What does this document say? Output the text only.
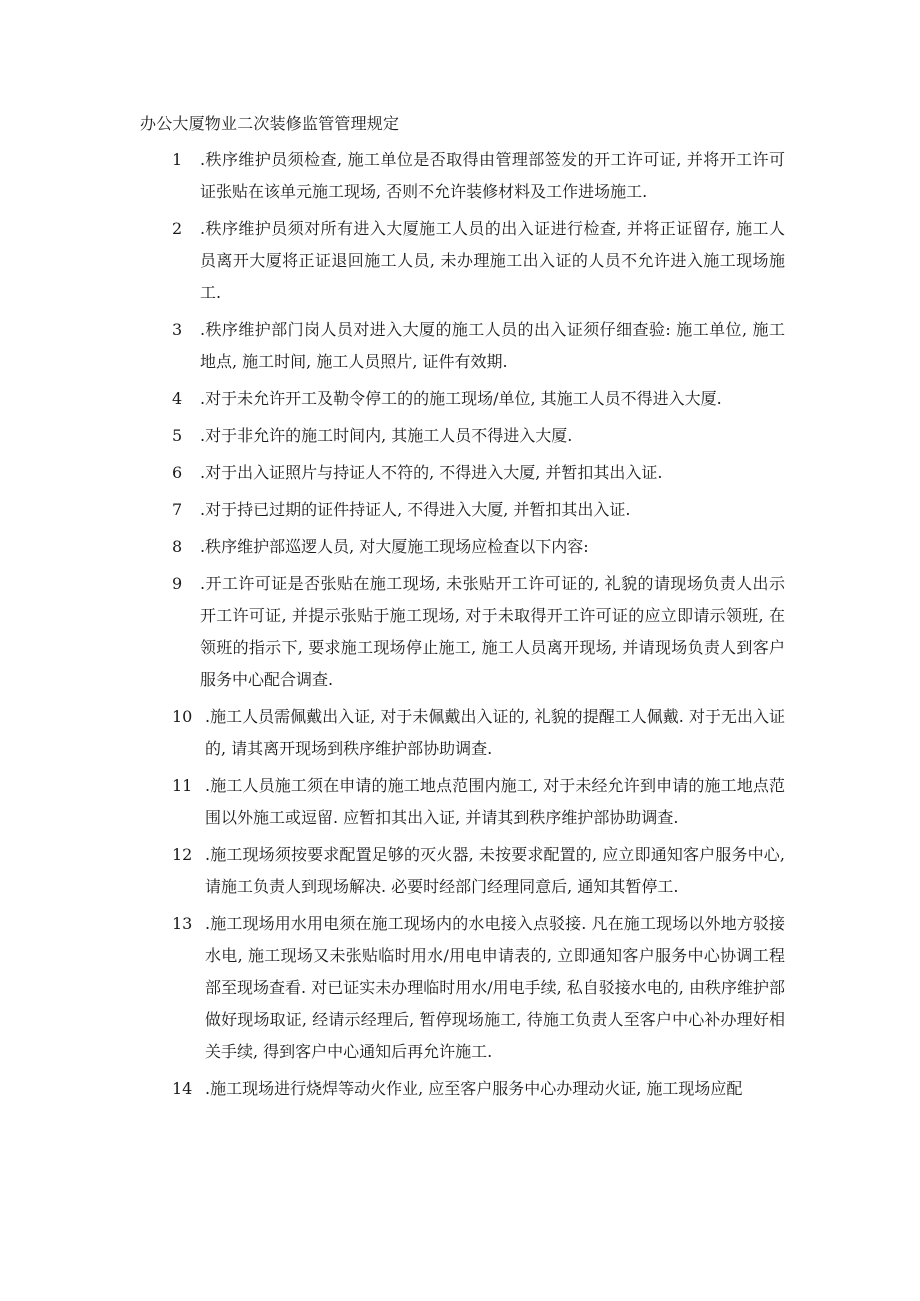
办公大厦物业二次装修监管管理规定
1 .秩序维护员须检查, 施工单位是否取得由管理部签发的开工许可证, 并将开工许可证张贴在该单元施工现场, 否则不允许装修材料及工作进场施工.
2 .秩序维护员须对所有进入大厦施工人员的出入证进行检查, 并将正证留存, 施工人员离开大厦将正证退回施工人员, 未办理施工出入证的人员不允许进入施工现场施工.
3 .秩序维护部门岗人员对进入大厦的施工人员的出入证须仔细查验: 施工单位, 施工地点, 施工时间, 施工人员照片, 证件有效期.
4 .对于未允许开工及勒令停工的的施工现场/单位, 其施工人员不得进入大厦.
5 .对于非允许的施工时间内, 其施工人员不得进入大厦.
6 .对于出入证照片与持证人不符的, 不得进入大厦, 并暂扣其出入证.
7 .对于持已过期的证件持证人, 不得进入大厦, 并暂扣其出入证.
8 .秩序维护部巡逻人员, 对大厦施工现场应检查以下内容:
9 .开工许可证是否张贴在施工现场, 未张贴开工许可证的, 礼貌的请现场负责人出示开工许可证, 并提示张贴于施工现场, 对于未取得开工许可证的应立即请示领班, 在领班的指示下, 要求施工现场停止施工, 施工人员离开现场, 并请现场负责人到客户服务中心配合调查.
10 .施工人员需佩戴出入证, 对于未佩戴出入证的, 礼貌的提醒工人佩戴. 对于无出入证的, 请其离开现场到秩序维护部协助调查.
11 .施工人员施工须在申请的施工地点范围内施工, 对于未经允许到申请的施工地点范围以外施工或逗留. 应暂扣其出入证, 并请其到秩序维护部协助调查.
12 .施工现场须按要求配置足够的灭火器, 未按要求配置的, 应立即通知客户服务中心, 请施工负责人到现场解决. 必要时经部门经理同意后, 通知其暂停工.
13 .施工现场用水用电须在施工现场内的水电接入点驳接. 凡在施工现场以外地方驳接水电, 施工现场又未张贴临时用水/用电申请表的, 立即通知客户服务中心协调工程部至现场查看. 对已证实未办理临时用水/用电手续, 私自驳接水电的, 由秩序维护部做好现场取证, 经请示经理后, 暂停现场施工, 待施工负责人至客户中心补办理好相关手续, 得到客户中心通知后再允许施工.
14 .施工现场进行烧焊等动火作业, 应至客户服务中心办理动火证, 施工现场应配
